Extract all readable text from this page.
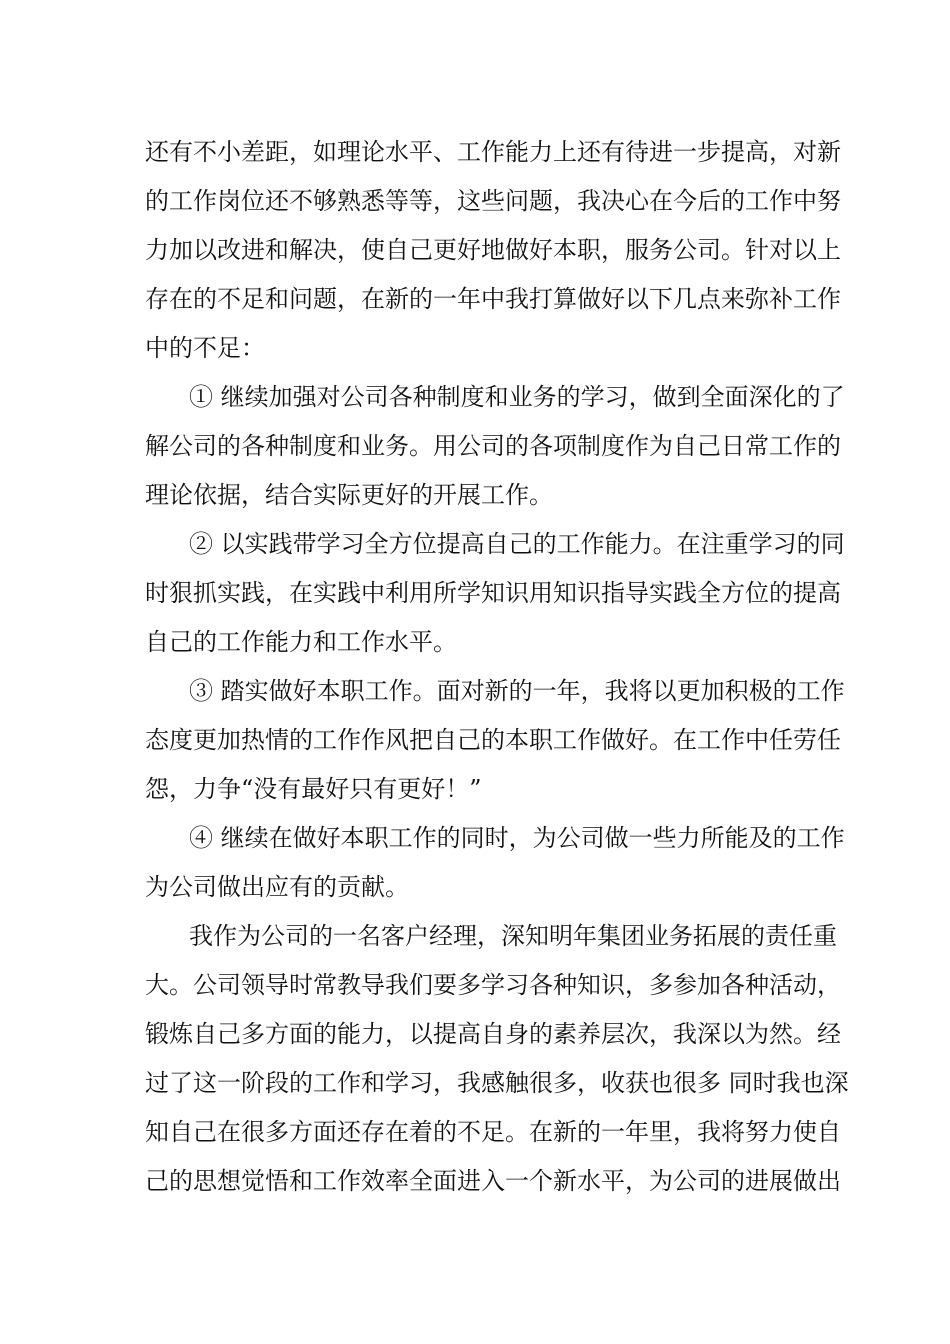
还有不小差距，如理论水平、工作能力上还有待进一步提高，对新
的工作岗位还不够熟悉等等，这些问题，我决心在今后的工作中努
力加以改进和解决，使自己更好地做好本职，服务公司。针对以上
存在的不足和问题，在新的一年中我打算做好以下几点来弥补工作
中的不足：
① 继续加强对公司各种制度和业务的学习，做到全面深化的了
解公司的各种制度和业务。用公司的各项制度作为自己日常工作的
理论依据，结合实际更好的开展工作。
② 以实践带学习全方位提高自己的工作能力。在注重学习的同
时狠抓实践，在实践中利用所学知识用知识指导实践全方位的提高
自己的工作能力和工作水平。
③ 踏实做好本职工作。面对新的一年，我将以更加积极的工作
态度更加热情的工作作风把自己的本职工作做好。在工作中任劳任
怨，力争“没有最好只有更好！”
④ 继续在做好本职工作的同时，为公司做一些力所能及的工作
为公司做出应有的贡献。
我作为公司的一名客户经理，深知明年集团业务拓展的责任重
大。公司领导时常教导我们要多学习各种知识，多参加各种活动，
锻炼自己多方面的能力，以提高自身的素养层次，我深以为然。经
过了这一阶段的工作和学习，我感触很多，收获也很多 同时我也深
知自己在很多方面还存在着的不足。在新的一年里，我将努力使自
己的思想觉悟和工作效率全面进入一个新水平，为公司的进展做出
